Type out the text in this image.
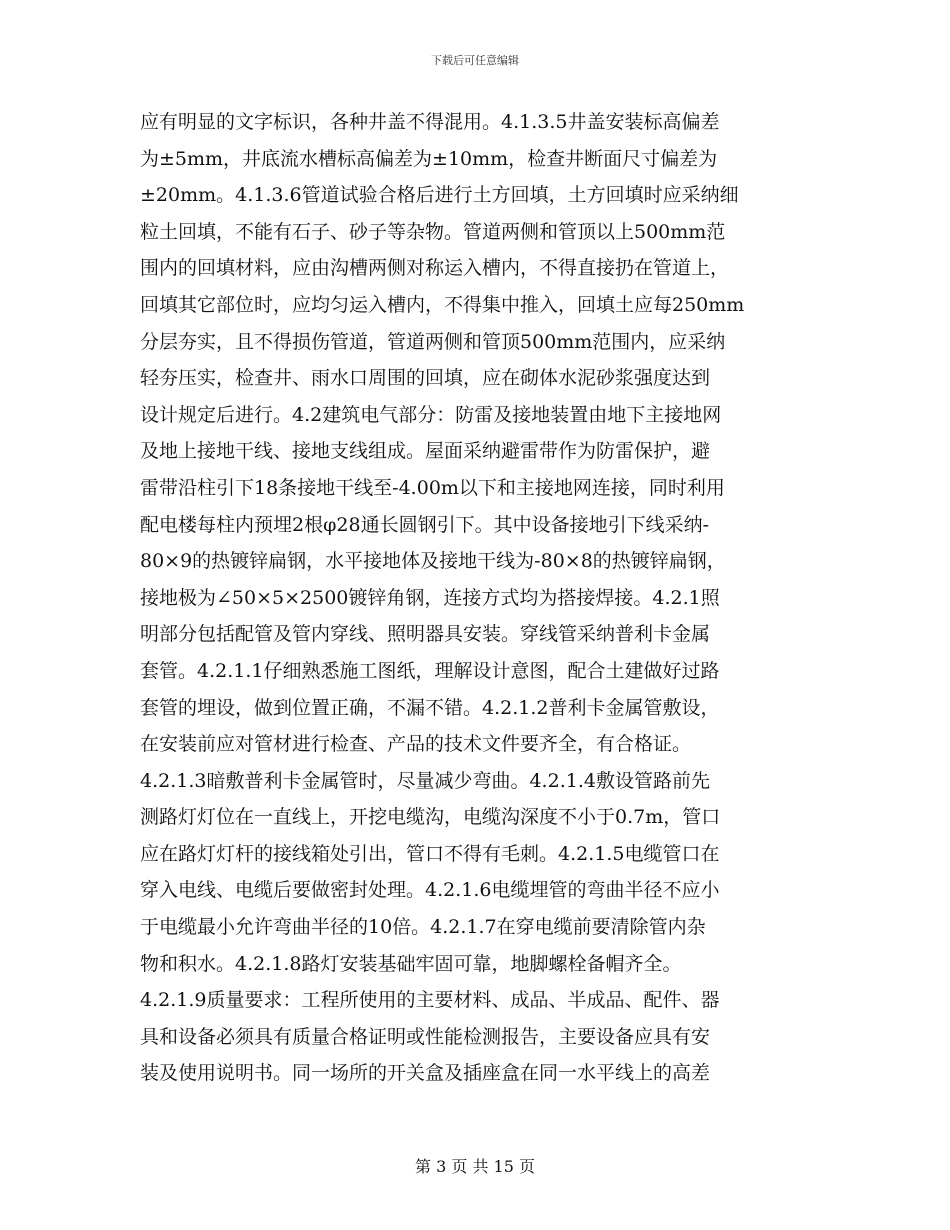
下载后可任意编辑
应有明显的文字标识，各种井盖不得混用。4.1.3.5井盖安装标高偏差
为±5mm，井底流水槽标高偏差为±10mm，检查井断面尺寸偏差为
±20mm。4.1.3.6管道试验合格后进行土方回填，土方回填时应采纳细
粒土回填，不能有石子、砂子等杂物。管道两侧和管顶以上500mm范
围内的回填材料，应由沟槽两侧对称运入槽内，不得直接扔在管道上，
回填其它部位时，应均匀运入槽内，不得集中推入，回填土应每250mm
分层夯实，且不得损伤管道，管道两侧和管顶500mm范围内，应采纳
轻夯压实，检查井、雨水口周围的回填，应在砌体水泥砂浆强度达到
设计规定后进行。4.2建筑电气部分：防雷及接地装置由地下主接地网
及地上接地干线、接地支线组成。屋面采纳避雷带作为防雷保护，避
雷带沿柱引下18条接地干线至-4.00m以下和主接地网连接，同时利用
配电楼每柱内预埋2根φ28通长圆钢引下。其中设备接地引下线采纳-
80×9的热镀锌扁钢，水平接地体及接地干线为-80×8的热镀锌扁钢，
接地极为∠50×5×2500镀锌角钢，连接方式均为搭接焊接。4.2.1照
明部分包括配管及管内穿线、照明器具安装。穿线管采纳普利卡金属
套管。4.2.1.1仔细熟悉施工图纸，理解设计意图，配合土建做好过路
套管的埋设，做到位置正确，不漏不错。4.2.1.2普利卡金属管敷设，
在安装前应对管材进行检查、产品的技术文件要齐全，有合格证。
4.2.1.3暗敷普利卡金属管时，尽量减少弯曲。4.2.1.4敷设管路前先
测路灯灯位在一直线上，开挖电缆沟，电缆沟深度不小于0.7m，管口
应在路灯灯杆的接线箱处引出，管口不得有毛刺。4.2.1.5电缆管口在
穿入电线、电缆后要做密封处理。4.2.1.6电缆埋管的弯曲半径不应小
于电缆最小允许弯曲半径的10倍。4.2.1.7在穿电缆前要清除管内杂
物和积水。4.2.1.8路灯安装基础牢固可靠，地脚螺栓备帽齐全。
4.2.1.9质量要求：工程所使用的主要材料、成品、半成品、配件、器
具和设备必须具有质量合格证明或性能检测报告，主要设备应具有安
装及使用说明书。同一场所的开关盒及插座盒在同一水平线上的高差
第 3 页 共 15 页
